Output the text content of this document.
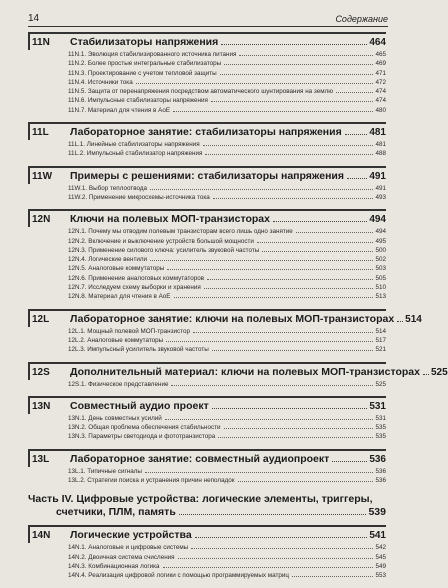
14	Содержание
11N	Стабилизаторы напряжения	464
11N.1. Эволюция стабилизированного источника питания	465
11N.2. Более простые интегральные стабилизаторы	469
11N.3. Проектирование с учетом тепловой защиты	471
11N.4. Источники тока	472
11N.5. Защита от перенапряжения посредством автоматического шунтирования на землю	474
11N.6. Импульсные стабилизаторы напряжения	474
11N.7. Материал для чтения в AoE	480
11L	Лабораторное занятие: стабилизаторы напряжения	481
11L.1. Линейные стабилизаторы напряжения	481
11L.2. Импульсный стабилизатор напряжения	488
11W	Примеры с решениями: стабилизаторы напряжения	491
11W.1. Выбор теплоотвода	491
11W.2. Применение микросхемы-источника тока	493
12N	Ключи на полевых МОП-транзисторах	494
12N.1. Почему мы отводим полевым транзисторам всего лишь одно занятие	494
12N.2. Включение и выключение устройств большой мощности	495
12N.3. Применение силового ключа: усилитель звуковой частоты	500
12N.4. Логические вентили	502
12N.5. Аналоговые коммутаторы	503
12N.6. Применение аналоговых коммутаторов	505
12N.7. Исследуем схему выборки и хранения	510
12N.8. Материал для чтения в AoE	513
12L	Лабораторное занятие: ключи на полевых МОП-транзисторах 514
12L.1. Мощный полевой МОП-транзистор	514
12L.2. Аналоговые коммутаторы	517
12L.3. Импульсный усилитель звуковой частоты	521
12S	Дополнительный материал: ключи на полевых МОП-транзисторах 525
12S.1. Физическое представление	525
13N	Совместный аудио проект	531
13N.1. День совместных усилий	531
13N.2. Общая проблема обеспечения стабильности	535
13N.3. Параметры светодиода и фототранзистора	535
13L	Лабораторное занятие: совместный аудиопроект	536
13L.1. Типичные сигналы	536
13L.2. Стратегии поиска и устранения причин неполадок	536
Часть IV. Цифровые устройства: логические элементы, триггеры,
счетчики, ПЛМ, память	539
14N	Логические устройства	541
14N.1. Аналоговые и цифровые системы	542
14N.2. Двоичная система счисления	545
14N.3. Комбинационная логика	549
14N.4. Реализация цифровой логики с помощью программируемых матриц	553
